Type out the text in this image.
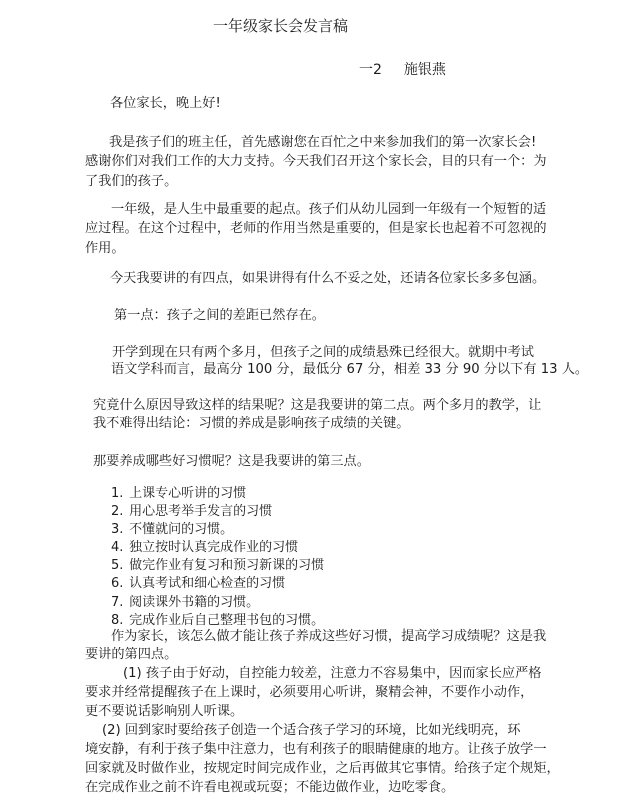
一年级家长会发言稿

一2 施银燕

各位家长，晚上好!

我是孩子们的班主任，首先感谢您在百忙之中来参加我们的第一次家长会!

感谢你们对我们工作的大力支持。今天我们召开这个家长会，目的只有一个：为

了我们的孩子。

一年级，是人生中最重要的起点。孩子们从幼儿园到一年级有一个短暂的适

应过程。在这个过程中，老师的作用当然是重要的，但是家长也起着不可忽视的

作用。

今天我要讲的有四点，如果讲得有什么不妥之处，还请各位家长多多包涵。

第一点：孩子之间的差距已然存在。

开学到现在只有两个多月，但孩子之间的成绩悬殊已经很大。就期中考试

语文学科而言，最高分 100 分，最低分 67 分，相差 33 分 90 分以下有 13 人。

究竟什么原因导致这样的结果呢？这是我要讲的第二点。两个多月的教学，让

我不难得出结论：习惯的养成是影响孩子成绩的关键。

那要养成哪些好习惯呢？这是我要讲的第三点。

1. 上课专心听讲的习惯
2. 用心思考举手发言的习惯
3. 不懂就问的习惯。
4. 独立按时认真完成作业的习惯
5. 做完作业有复习和预习新课的习惯
6. 认真考试和细心检查的习惯
7. 阅读课外书籍的习惯。
8. 完成作业后自己整理书包的习惯。

作为家长，该怎么做才能让孩子养成这些好习惯，提高学习成绩呢？这是我

要讲的第四点。

(1) 孩子由于好动，自控能力较差，注意力不容易集中，因而家长应严格

要求并经常提醒孩子在上课时，必须要用心听讲，聚精会神，不要作小动作，

更不要说话影响别人听课。

(2) 回到家时要给孩子创造一个适合孩子学习的环境，比如光线明亮，环

境安静，有利于孩子集中注意力，也有利孩子的眼睛健康的地方。让孩子放学一

回家就及时做作业，按规定时间完成作业，之后再做其它事情。给孩子定个规矩，

在完成作业之前不许看电视或玩耍；不能边做作业，边吃零食。
